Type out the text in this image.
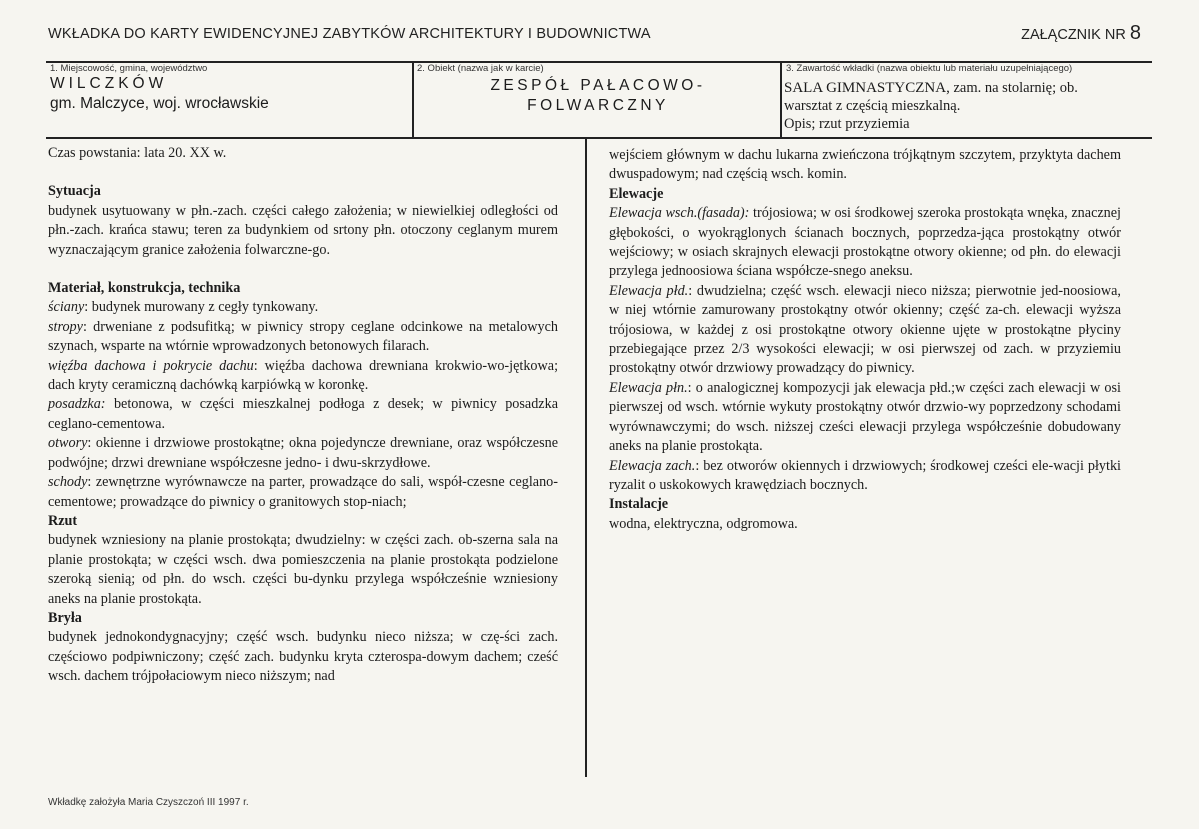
WKŁADKA DO KARTY EWIDENCYJNEJ ZABYTKÓW ARCHITEKTURY I BUDOWNICTWA	ZAŁĄCZNIK NR 8
1. Miejscowość, gmina, województwo
WILCZKÓW
gm. Malczyce, woj. wrocławskie
2. Obiekt (nazwa jak w karcie)
ZESPÓŁ PAŁACOWO-
FOLWARCZNY
3. Zawartość wkładki (nazwa obiektu lub materiału uzupełniającego)
SALA GIMNASTYCZNA, zam. na stolarnię; ob.
warsztat z częścią mieszkalną.
Opis; rzut przyziemia

Czas powstania: lata 20. XX w.

Sytuacja

budynek usytuowany w płn.-zach. części całego założenia; w niewielkiej odległości od płn.-zach. krańca stawu; teren za budynkiem od srtony płn. otoczony ceglanym murem wyznaczającym granice założenia folwarczne-go.

Materiał, konstrukcja, technika

ściany: budynek murowany z cegły tynkowany.

stropy: drweniane z podsufitką; w piwnicy stropy ceglane odcinkowe na metalowych szynach, wsparte na wtórnie wprowadzonych betonowych filarach.

więźba dachowa i pokrycie dachu: więźba dachowa drewniana krokwio-wo-jętkowa; dach kryty ceramiczną dachówką karpiówką w koronkę.

posadzka: betonowa, w części mieszkalnej podłoga z desek; w piwnicy posadzka ceglano-cementowa.

otwory: okienne i drzwiowe prostokątne; okna pojedyncze drewniane, oraz współczesne podwójne; drzwi drewniane współczesne jedno- i dwu-skrzydłowe.

schody: zewnętrzne wyrównawcze na parter, prowadzące do sali, współ-czesne ceglano-cementowe; prowadzące do piwnicy o granitowych stop-niach;

Rzut

budynek wzniesiony na planie prostokąta; dwudzielny: w części zach. ob-szerna sala na planie prostokąta; w części wsch. dwa pomieszczenia na planie prostokąta podzielone szeroką sienią; od płn. do wsch. części bu-dynku przylega współcześnie wzniesiony aneks na planie prostokąta.

Bryła

budynek jednokondygnacyjny; część wsch. budynku nieco niższa; w czę-ści zach. częściowo podpiwniczony; część zach. budynku kryta czterospa-dowym dachem; cześć wsch. dachem trójpołaciowym nieco niższym; nad

wejściem głównym w dachu lukarna zwieńczona trójkątnym szczytem, przyktyta dachem dwuspadowym; nad częścią wsch. komin.

Elewacje

Elewacja wsch.(fasada): trójosiowa; w osi środkowej szeroka prostokąta wnęka, znacznej głębokości, o wyokrąglonych ścianach bocznych, poprzedza-jąca prostokątny otwór wejściowy; w osiach skrajnych elewacji prostokątne otwory okienne; od płn. do elewacji przylega jednoosiowa ściana współcze-snego aneksu.

Elewacja płd.: dwudzielna; część wsch. elewacji nieco niższa; pierwotnie jed-noosiowa, w niej wtórnie zamurowany prostokątny otwór okienny; część za-ch. elewacji wyższa trójosiowa, w każdej z osi prostokątne otwory okienne ujęte w prostokątne płyciny przebiegające przez 2/3 wysokości elewacji; w osi pierwszej od zach. w przyziemiu prostokątny otwór drzwiowy prowadzący do piwnicy.

Elewacja płn.: o analogicznej kompozycji jak elewacja płd.;w części zach elewacji w osi pierwszej od wsch. wtórnie wykuty prostokątny otwór drzwio-wy poprzedzony schodami wyrównawczymi; do wsch. niższej cześci elewacji przylega współcześnie dobudowany aneks na planie prostokąta.

Elewacja zach.: bez otworów okiennych i drzwiowych; środkowej cześci ele-wacji płytki ryzalit o uskokowych krawędziach bocznych.

Instalacje

wodna, elektryczna, odgromowa.

Wkładkę założyła Maria Czyszczoń III 1997 r.
